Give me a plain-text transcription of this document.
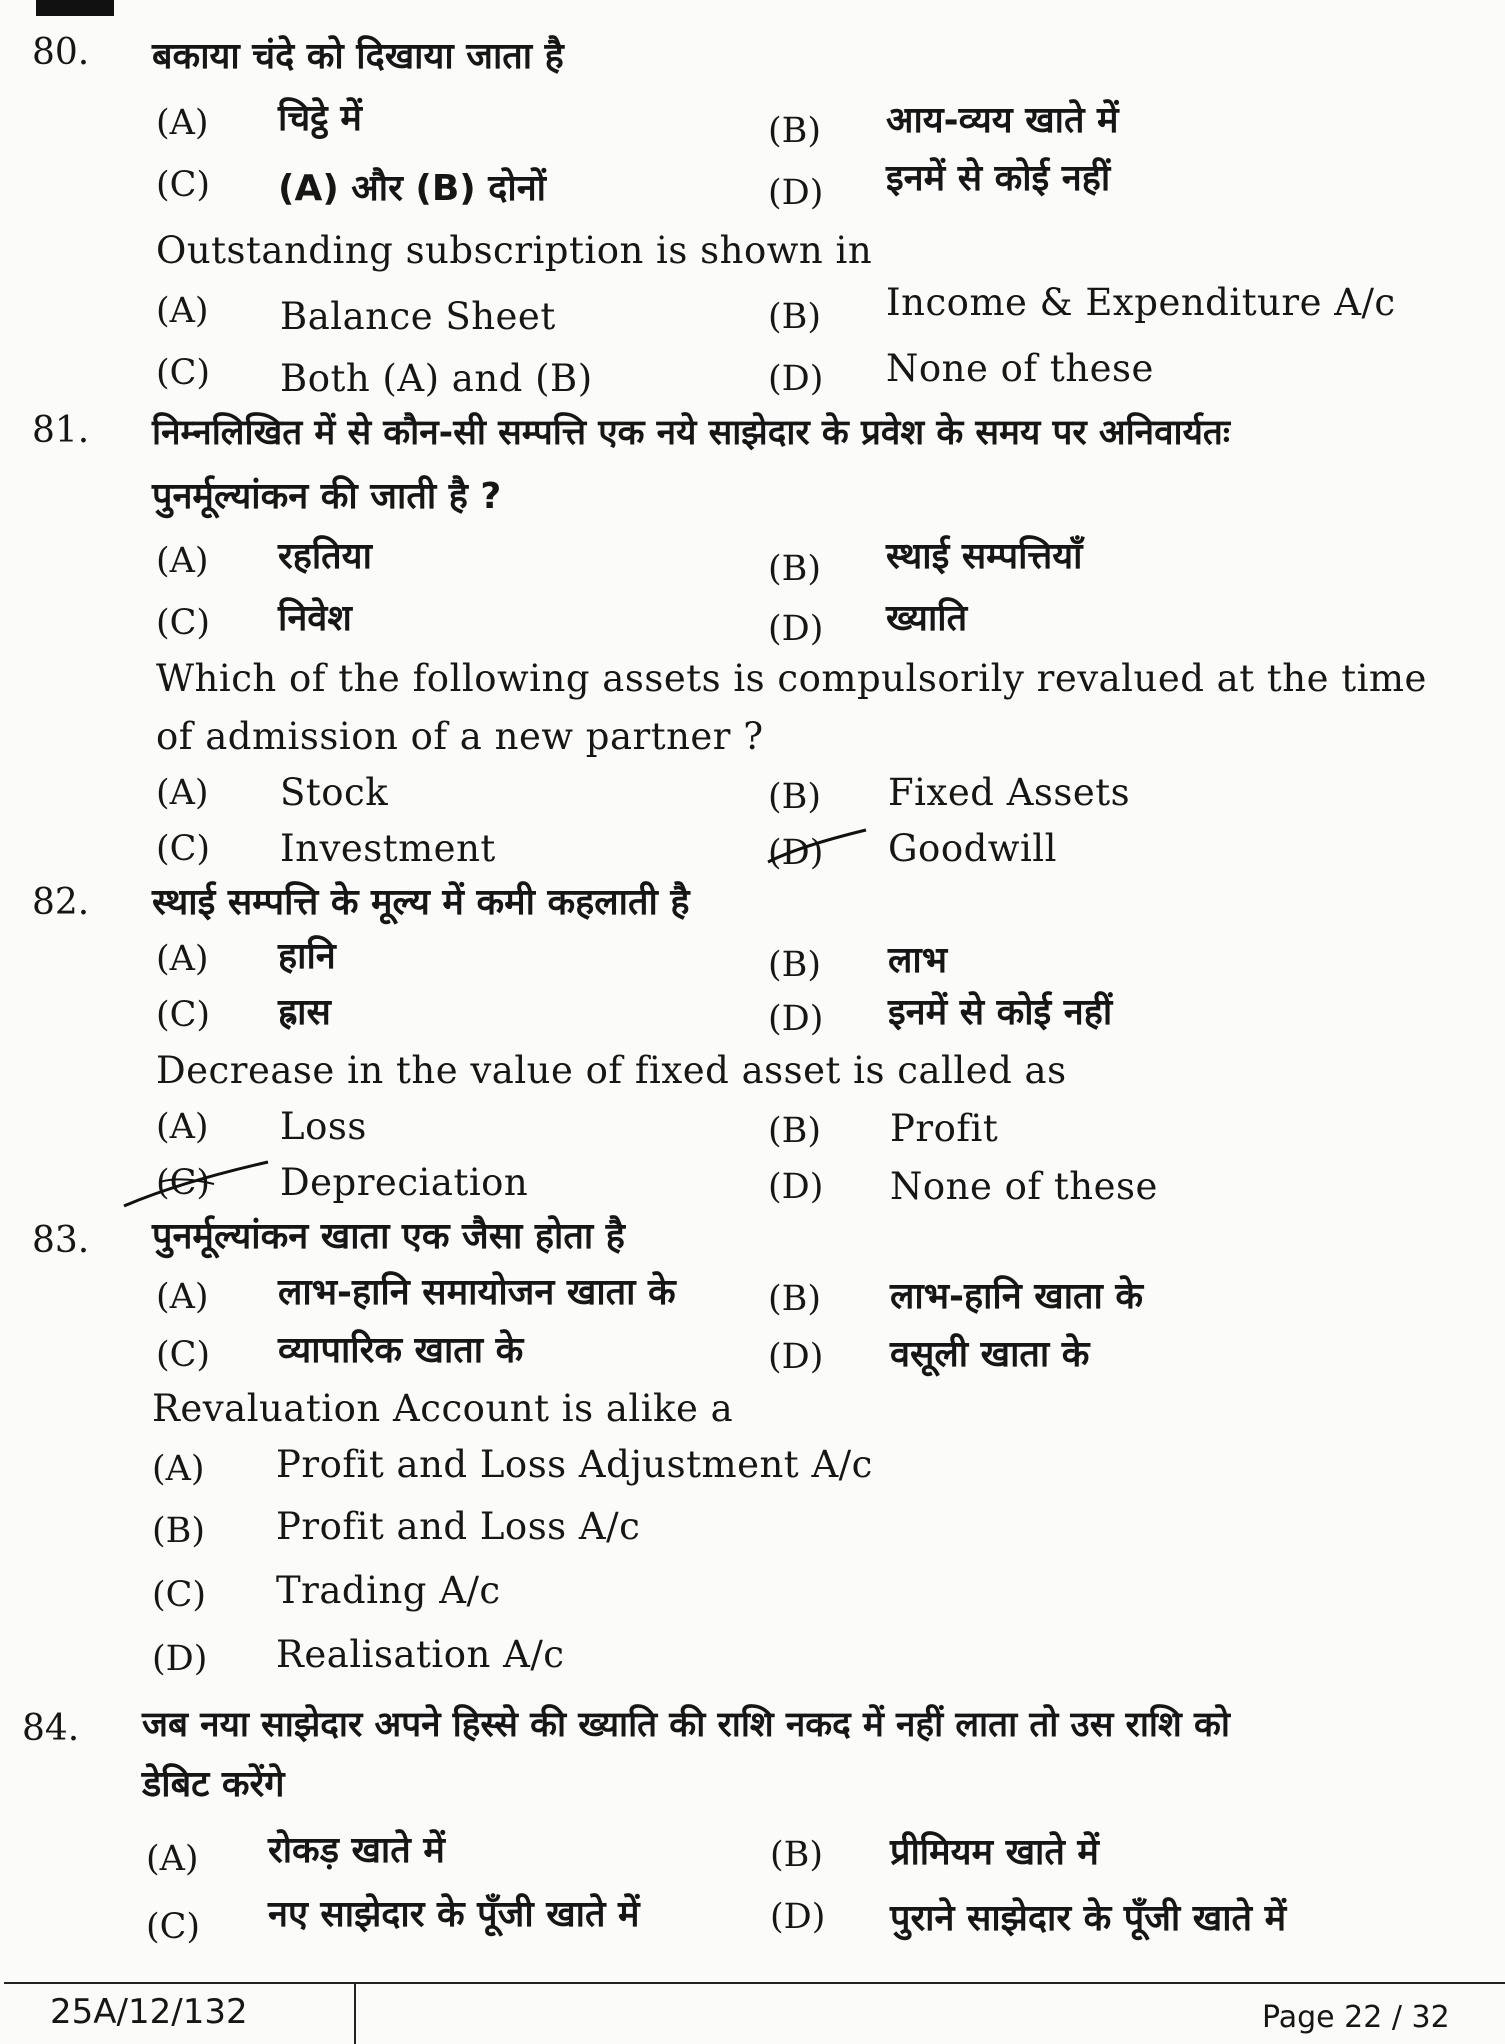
80. बकाया चंदे को दिखाया जाता है
(A) चिट्ठे में	(B) आय-व्यय खाते में
(C) (A) और (B) दोनों	(D) इनमें से कोई नहीं
Outstanding subscription is shown in
(A) Balance Sheet	(B) Income & Expenditure A/c
(C) Both (A) and (B)	(D) None of these
81. निम्नलिखित में से कौन-सी सम्पत्ति एक नये साझेदार के प्रवेश के समय पर अनिवार्यतः
पुनर्मूल्यांकन की जाती है ?
(A) रहतिया	(B) स्थाई सम्पत्तियाँ
(C) निवेश	(D) ख्याति
Which of the following assets is compulsorily revalued at the time
of admission of a new partner ?
(A) Stock	(B) Fixed Assets
(C) Investment	(D) Goodwill
82. स्थाई सम्पत्ति के मूल्य में कमी कहलाती है
(A) हानि	(B) लाभ
(C) ह्रास	(D) इनमें से कोई नहीं
Decrease in the value of fixed asset is called as
(A) Loss	(B) Profit
(C) Depreciation	(D) None of these
83. पुनर्मूल्यांकन खाता एक जैसा होता है
(A) लाभ-हानि समायोजन खाता के	(B) लाभ-हानि खाता के
(C) व्यापारिक खाता के	(D) वसूली खाता के
Revaluation Account is alike a
(A) Profit and Loss Adjustment A/c
(B) Profit and Loss A/c
(C) Trading A/c
(D) Realisation A/c
84. जब नया साझेदार अपने हिस्से की ख्याति की राशि नकद में नहीं लाता तो उस राशि को
डेबिट करेंगे
(A) रोकड़ खाते में	(B) प्रीमियम खाते में
(C) नए साझेदार के पूँजी खाते में	(D) पुराने साझेदार के पूँजी खाते में
25A/12/132	Page 22 / 32
